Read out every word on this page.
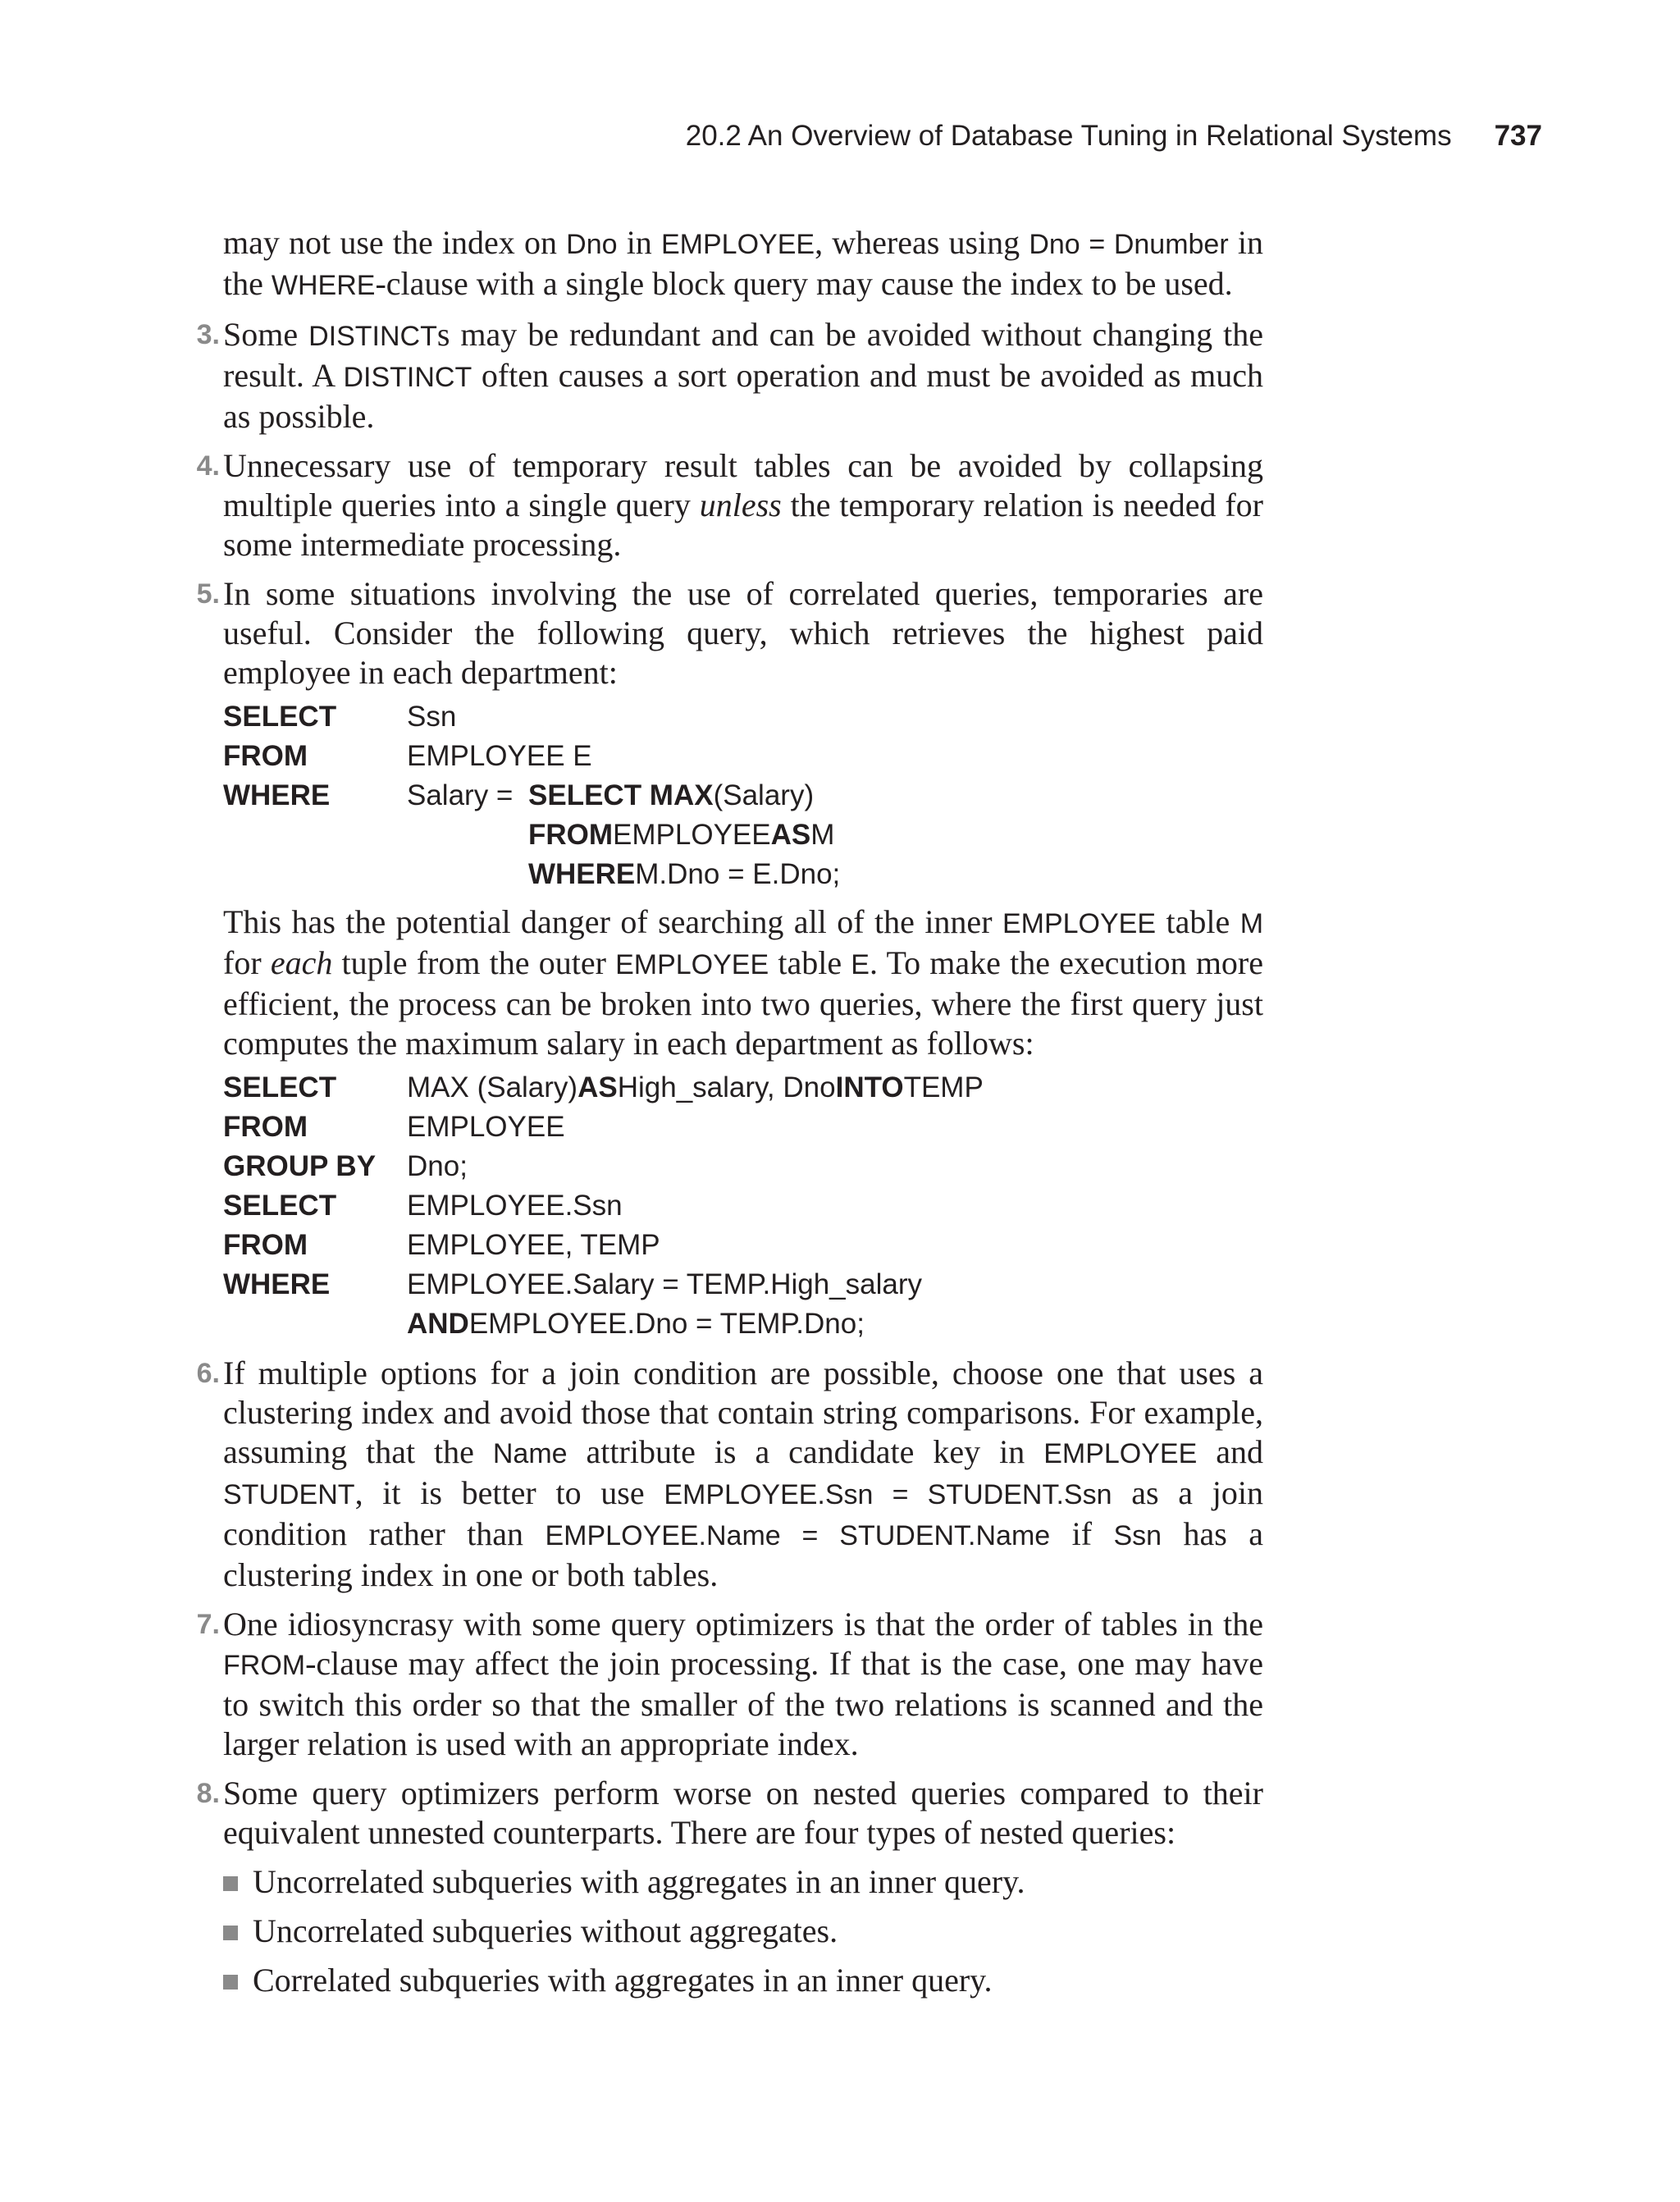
20.2 An Overview of Database Tuning in Relational Systems 737

may not use the index on Dno in EMPLOYEE, whereas using Dno = Dnumber in the WHERE-clause with a single block query may cause the index to be used.

3. Some DISTINCTs may be redundant and can be avoided without changing the result. A DISTINCT often causes a sort operation and must be avoided as much as possible.

4. Unnecessary use of temporary result tables can be avoided by collapsing multiple queries into a single query unless the temporary relation is needed for some intermediate processing.

5. In some situations involving the use of correlated queries, temporaries are useful. Consider the following query, which retrieves the highest paid employee in each department:

SELECT	Ssn
FROM	EMPLOYEE E
WHERE	Salary = SELECT MAX (Salary)
FROM EMPLOYEE AS M
WHERE M.Dno = E.Dno;

This has the potential danger of searching all of the inner EMPLOYEE table M for each tuple from the outer EMPLOYEE table E. To make the execution more efficient, the process can be broken into two queries, where the first query just computes the maximum salary in each department as follows:

SELECT	MAX (Salary) AS High_salary, Dno INTO TEMP
FROM	EMPLOYEE
GROUP BY	Dno;
SELECT	EMPLOYEE.Ssn
FROM	EMPLOYEE, TEMP
WHERE	EMPLOYEE.Salary = TEMP.High_salary
AND EMPLOYEE.Dno = TEMP.Dno;
6. If multiple options for a join condition are possible, choose one that uses a clustering index and avoid those that contain string comparisons. For example, assuming that the Name attribute is a candidate key in EMPLOYEE and STUDENT, it is better to use EMPLOYEE.Ssn = STUDENT.Ssn as a join condition rather than EMPLOYEE.Name = STUDENT.Name if Ssn has a clustering index in one or both tables.

7. One idiosyncrasy with some query optimizers is that the order of tables in the FROM-clause may affect the join processing. If that is the case, one may have to switch this order so that the smaller of the two relations is scanned and the larger relation is used with an appropriate index.

8. Some query optimizers perform worse on nested queries compared to their equivalent unnested counterparts. There are four types of nested queries:

Uncorrelated subqueries with aggregates in an inner query.
Uncorrelated subqueries without aggregates.
Correlated subqueries with aggregates in an inner query.
